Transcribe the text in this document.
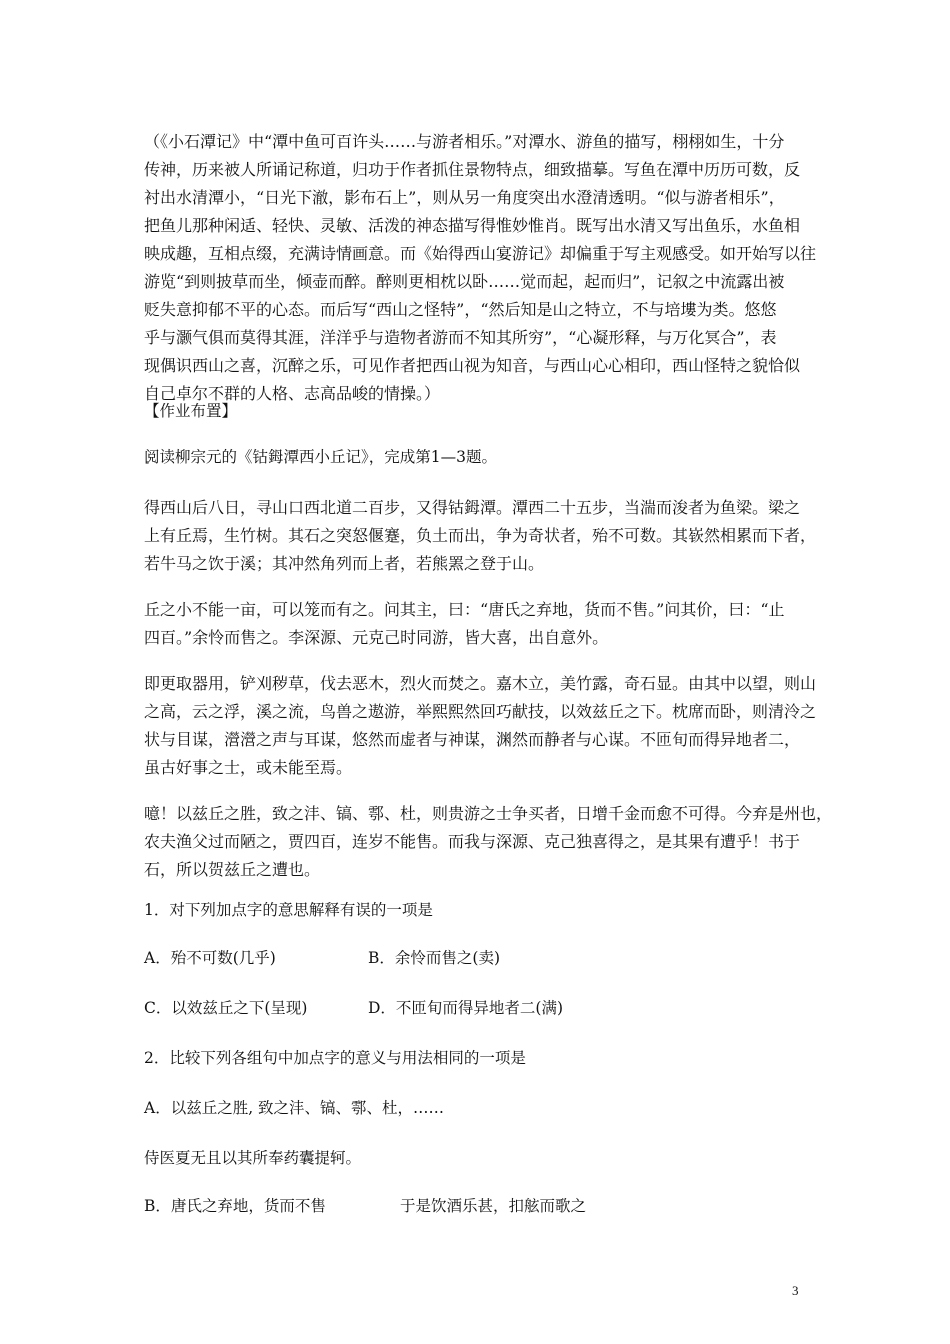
（《小石潭记》中“潭中鱼可百许头……与游者相乐。”对潭水、游鱼的描写，栩栩如生，十分
传神，历来被人所诵记称道，归功于作者抓住景物特点，细致描摹。写鱼在潭中历历可数，反
衬出水清潭小，“日光下澈，影布石上”，则从另一角度突出水澄清透明。“似与游者相乐”，
把鱼儿那种闲适、轻快、灵敏、活泼的神态描写得惟妙惟肖。既写出水清又写出鱼乐，水鱼相
映成趣，互相点缀，充满诗情画意。而《始得西山宴游记》却偏重于写主观感受。如开始写以往
游览“到则披草而坐，倾壶而醉。醉则更相枕以卧……觉而起，起而归”，记叙之中流露出被
贬失意抑郁不平的心态。而后写“西山之怪特”，“然后知是山之特立，不与培塿为类。悠悠
乎与灏气俱而莫得其涯，洋洋乎与造物者游而不知其所穷”，“心凝形释，与万化冥合”，表
现偶识西山之喜，沉醉之乐，可见作者把西山视为知音，与西山心心相印，西山怪特之貌恰似
自己卓尔不群的人格、志高品峻的情操。）
【作业布置】
阅读柳宗元的《钴鉧潭西小丘记》，完成第1—3题。
得西山后八日，寻山口西北道二百步，又得钴鉧潭。潭西二十五步，当湍而浚者为鱼梁。梁之
上有丘焉，生竹树。其石之突怒偃蹇，负土而出，争为奇状者，殆不可数。其嵚然相累而下者，
若牛马之饮于溪；其冲然角列而上者，若熊罴之登于山。
丘之小不能一亩，可以笼而有之。问其主，曰：“唐氏之弃地，货而不售。”问其价，曰：“止
四百。”余怜而售之。李深源、元克己时同游，皆大喜，出自意外。
即更取器用，铲刈秽草，伐去恶木，烈火而焚之。嘉木立，美竹露，奇石显。由其中以望，则山
之高，云之浮，溪之流，鸟兽之遨游，举熙熙然回巧献技，以效兹丘之下。枕席而卧，则清泠之
状与目谋，瀯瀯之声与耳谋，悠然而虚者与神谋，渊然而静者与心谋。不匝旬而得异地者二，
虽古好事之士，或未能至焉。
噫！以兹丘之胜，致之沣、镐、鄠、杜，则贵游之士争买者，日增千金而愈不可得。今弃是州也，
农夫渔父过而陋之，贾四百，连岁不能售。而我与深源、克己独喜得之，是其果有遭乎！书于
石，所以贺兹丘之遭也。
1．对下列加点字的意思解释有误的一项是
A．殆不可数(几乎)	B．余怜而售之(卖)
C．以效兹丘之下(呈现)	D．不匝旬而得异地者二(满)
2．比较下列各组句中加点字的意义与用法相同的一项是
A．以兹丘之胜, 致之沣、镐、鄠、杜，……
侍医夏无且以其所奉药囊提轲。
B．唐氏之弃地，货而不售	于是饮酒乐甚，扣舷而歌之
3
